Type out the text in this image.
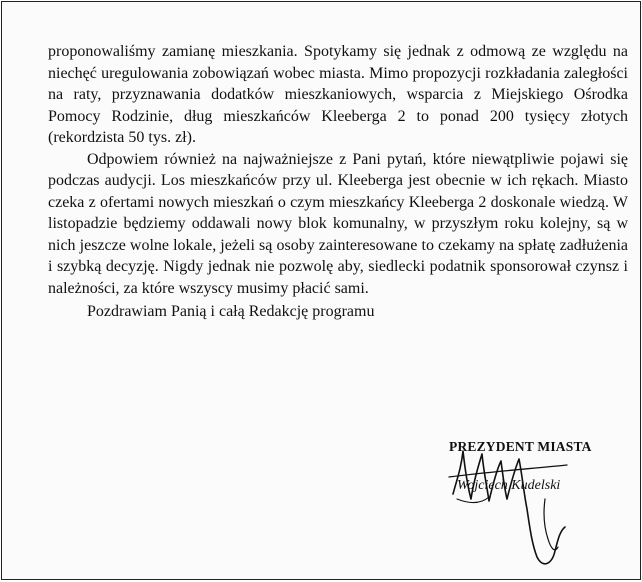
proponowaliśmy zamianę mieszkania. Spotykamy się jednak z odmową ze względu na niechęć uregulowania zobowiązań wobec miasta. Mimo propozycji rozkładania zaległości na raty, przyznawania dodatków mieszkaniowych, wsparcia z Miejskiego Ośrodka Pomocy Rodzinie, dług mieszkańców Kleeberga 2 to ponad 200 tysięcy złotych (rekordzista 50 tys. zł).

Odpowiem również na najważniejsze z Pani pytań, które niewątpliwie pojawi się podczas audycji. Los mieszkańców przy ul. Kleeberga jest obecnie w ich rękach. Miasto czeka z ofertami nowych mieszkań o czym mieszkańcy Kleeberga 2 doskonale wiedzą. W listopadzie będziemy oddawali nowy blok komunalny, w przyszłym roku kolejny, są w nich jeszcze wolne lokale, jeżeli są osoby zainteresowane to czekamy na spłatę zadłużenia i szybką decyzję. Nigdy jednak nie pozwolę aby, siedlecki podatnik sponsorował czynsz i należności, za które wszyscy musimy płacić sami.

Pozdrawiam Panią i całą Redakcję programu

PREZYDENT MIASTA
Wojciech Kudelski
